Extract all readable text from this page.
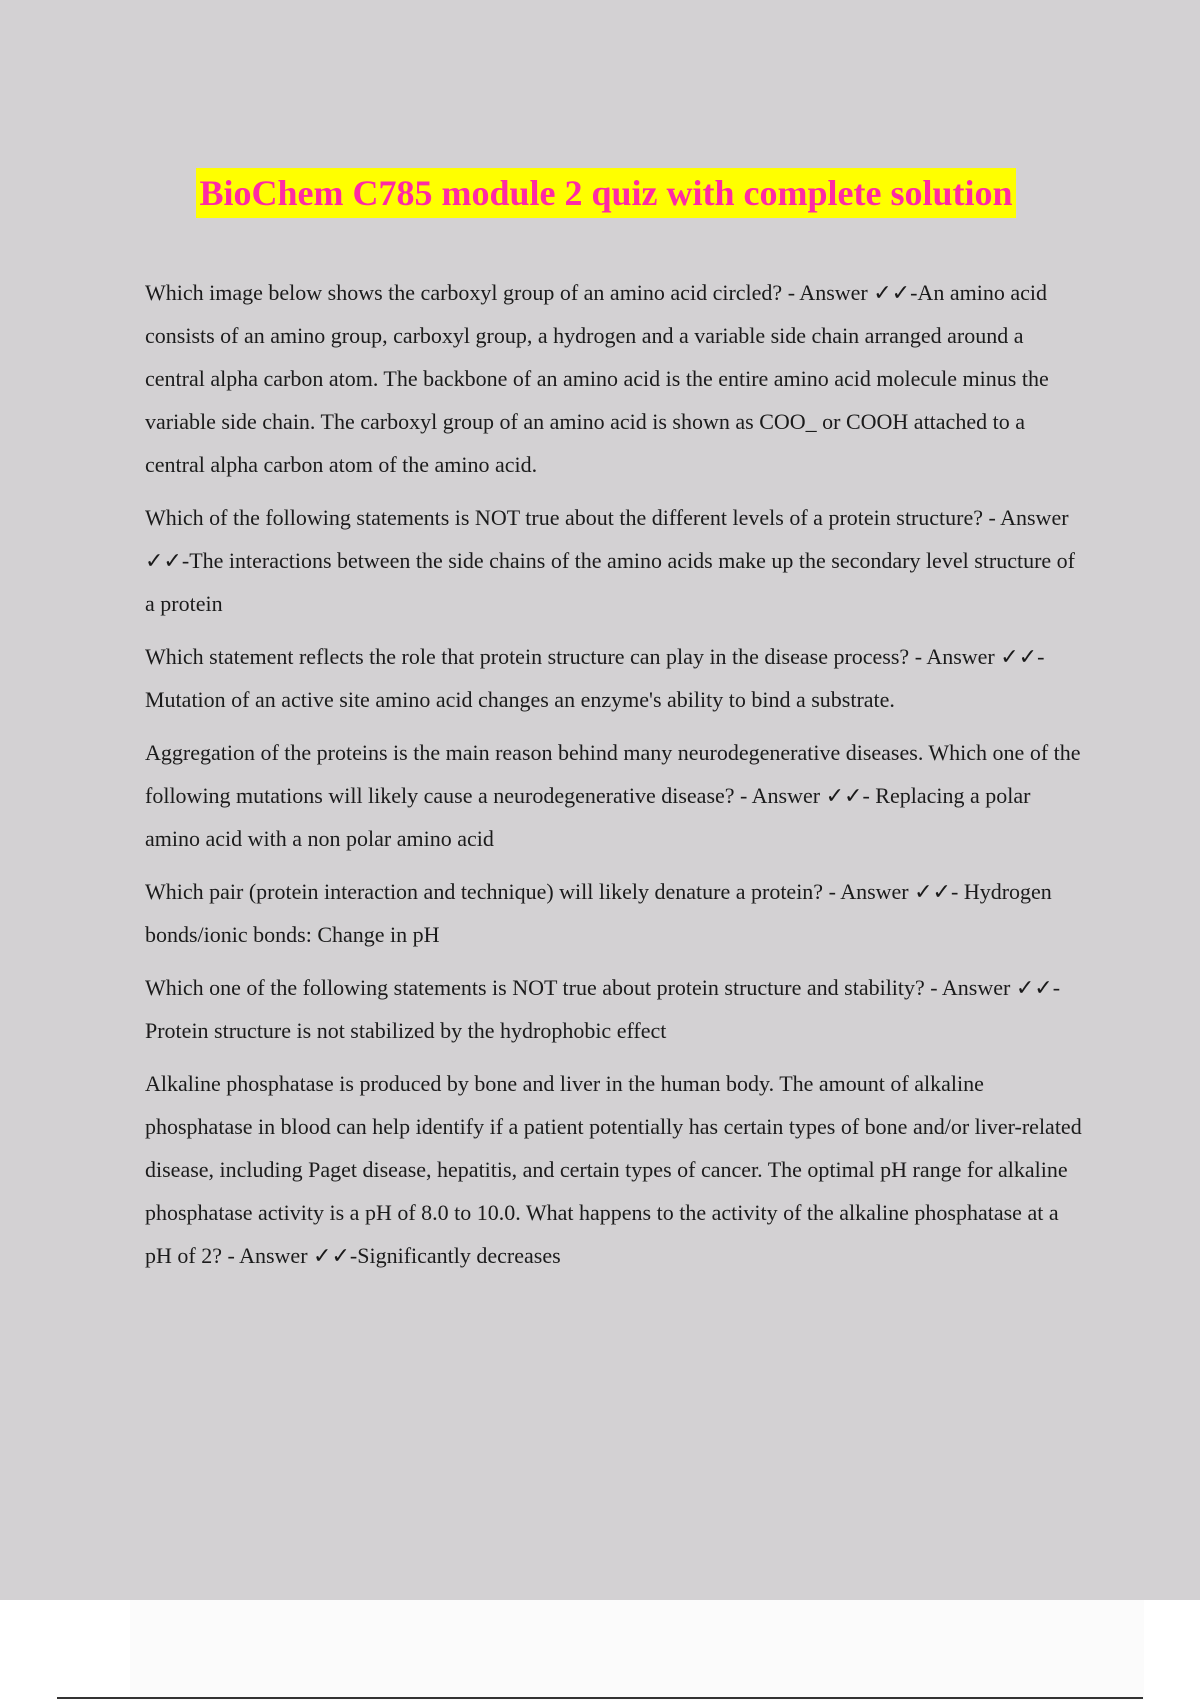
BioChem C785 module 2 quiz with complete solution

Which image below shows the carboxyl group of an amino acid circled? - Answer ✓✓-An amino acid consists of an amino group, carboxyl group, a hydrogen and a variable side chain arranged around a central alpha carbon atom. The backbone of an amino acid is the entire amino acid molecule minus the variable side chain. The carboxyl group of an amino acid is shown as COO_ or COOH attached to a central alpha carbon atom of the amino acid.

Which of the following statements is NOT true about the different levels of a protein structure? - Answer ✓✓-The interactions between the side chains of the amino acids make up the secondary level structure of a protein

Which statement reflects the role that protein structure can play in the disease process? - Answer ✓✓-Mutation of an active site amino acid changes an enzyme's ability to bind a substrate.

Aggregation of the proteins is the main reason behind many neurodegenerative diseases. Which one of the following mutations will likely cause a neurodegenerative disease? - Answer ✓✓- Replacing a polar amino acid with a non polar amino acid

Which pair (protein interaction and technique) will likely denature a protein? - Answer ✓✓- Hydrogen bonds/ionic bonds: Change in pH

Which one of the following statements is NOT true about protein structure and stability? - Answer ✓✓-Protein structure is not stabilized by the hydrophobic effect

Alkaline phosphatase is produced by bone and liver in the human body. The amount of alkaline phosphatase in blood can help identify if a patient potentially has certain types of bone and/or liver-related disease, including Paget disease, hepatitis, and certain types of cancer. The optimal pH range for alkaline phosphatase activity is a pH of 8.0 to 10.0. What happens to the activity of the alkaline phosphatase at a pH of 2? - Answer ✓✓-Significantly decreases
